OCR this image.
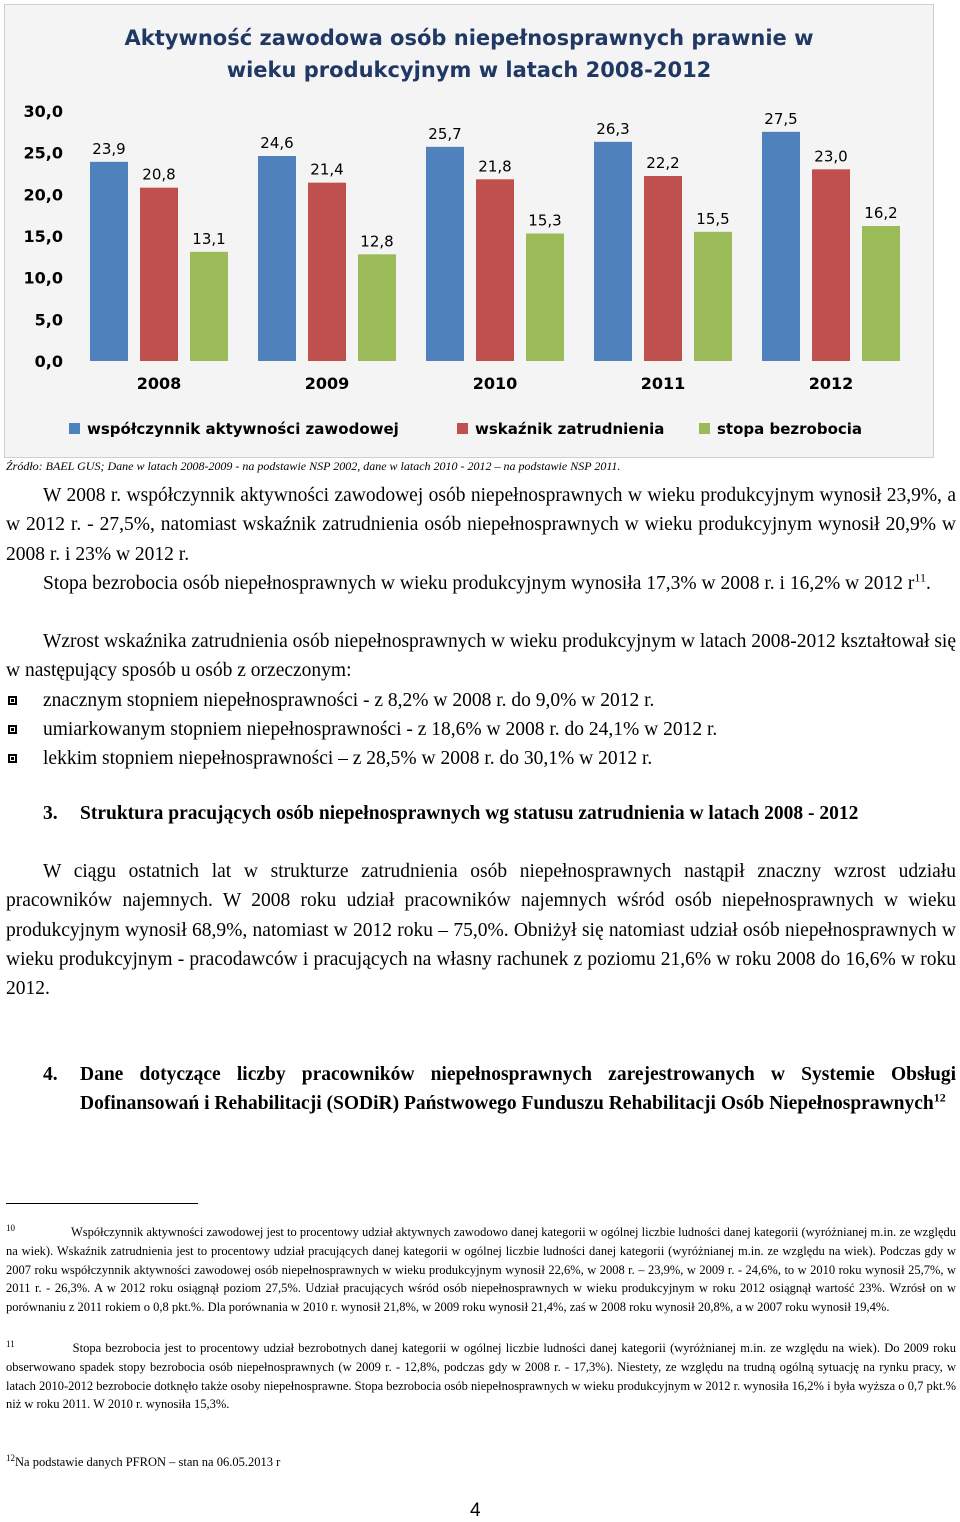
Aktywność zawodowa osób niepełnosprawnych prawnie w
wieku produkcyjnym w latach 2008-2012
30,0
25,0
20,0
15,0
10,0
5,0
0,0
23,9
20,8
13,1
24,6
21,4
12,8
25,7
21,8
15,3
26,3
22,2
15,5
27,5
23,0
16,2
2008	2009	2010	2011	2012
współczynnik aktywności zawodowej	wskaźnik zatrudnienia	stopa bezrobocia
Źródło: BAEL GUS; Dane w latach 2008-2009 - na podstawie NSP 2002, dane w latach 2010 - 2012 – na podstawie NSP 2011.

W 2008 r. współczynnik aktywności zawodowej osób niepełnosprawnych w wieku produkcyjnym wynosił 23,9%, a w 2012 r. - 27,5%, natomiast wskaźnik zatrudnienia osób niepełnosprawnych w wieku produkcyjnym wynosił 20,9% w 2008 r. i 23% w 2012 r.

Stopa bezrobocia osób niepełnosprawnych w wieku produkcyjnym wynosiła 17,3% w 2008 r. i 16,2% w 2012 $r^{11}$.

Wzrost wskaźnika zatrudnienia osób niepełnosprawnych w wieku produkcyjnym w latach 2008-2012 kształtował się w następujący sposób u osób z orzeczonym:

znacznym stopniem niepełnosprawności - z 8,2% w 2008 r. do 9,0% w 2012 r.
umiarkowanym stopniem niepełnosprawności - z 18,6% w 2008 r. do 24,1% w 2012 r.
lekkim stopniem niepełnosprawności – z 28,5% w 2008 r. do 30,1% w 2012 r.
3. Struktura pracujących osób niepełnosprawnych wg statusu zatrudnienia w latach 2008 - 2012

W ciągu ostatnich lat w strukturze zatrudnienia osób niepełnosprawnych nastąpił znaczny wzrost udziału pracowników najemnych. W 2008 roku udział pracowników najemnych wśród osób niepełnosprawnych w wieku produkcyjnym wynosił 68,9%, natomiast w 2012 roku – 75,0%. Obniżył się natomiast udział osób niepełnosprawnych w wieku produkcyjnym - pracodawców i pracujących na własny rachunek z poziomu 21,6% w roku 2008 do 16,6% w roku 2012.

4. Dane dotyczące liczby pracowników niepełnosprawnych zarejestrowanych w Systemie Obsługi Dofinansowań i Rehabilitacji (SODiR) Państwowego Funduszu Rehabilitacji Osób Niepełnosprawnych$^{12}$

$^{10}$	Współczynnik aktywności zawodowej jest to procentowy udział aktywnych zawodowo danej kategorii w ogólnej liczbie ludności danej kategorii (wyróżnianej m.in. ze względu na wiek). Wskaźnik zatrudnienia jest to procentowy udział pracujących danej kategorii w ogólnej liczbie ludności danej kategorii (wyróżnianej m.in. ze względu na wiek). Podczas gdy w 2007 roku współczynnik aktywności zawodowej osób niepełnosprawnych w wieku produkcyjnym wynosił 22,6%, w 2008 r. – 23,9%, w 2009 r. - 24,6%, to w 2010 roku wynosił 25,7%, w 2011 r. - 26,3%. A w 2012 roku osiągnął poziom 27,5%. Udział pracujących wśród osób niepełnosprawnych w wieku produkcyjnym w roku 2012 osiągnął wartość 23%. Wzrósł on w porównaniu z 2011 rokiem o 0,8 pkt.%. Dla porównania w 2010 r. wynosił 21,8%, w 2009 roku wynosił 21,4%, zaś w 2008 roku wynosił 20,8%, a w 2007 roku wynosił 19,4%.

$^{11}$	Stopa bezrobocia jest to procentowy udział bezrobotnych danej kategorii w ogólnej liczbie ludności danej kategorii (wyróżnianej m.in. ze względu na wiek). Do 2009 roku obserwowano spadek stopy bezrobocia osób niepełnosprawnych (w 2009 r. - 12,8%, podczas gdy w 2008 r. - 17,3%). Niestety, ze względu na trudną ogólną sytuację na rynku pracy, w latach 2010-2012 bezrobocie dotknęło także osoby niepełnosprawne. Stopa bezrobocia osób niepełnosprawnych w wieku produkcyjnym w 2012 r. wynosiła 16,2% i była wyższa o 0,7 pkt.% niż w roku 2011. W 2010 r. wynosiła 15,3%.

$^{12}$Na podstawie danych PFRON – stan na 06.05.2013 r

4
